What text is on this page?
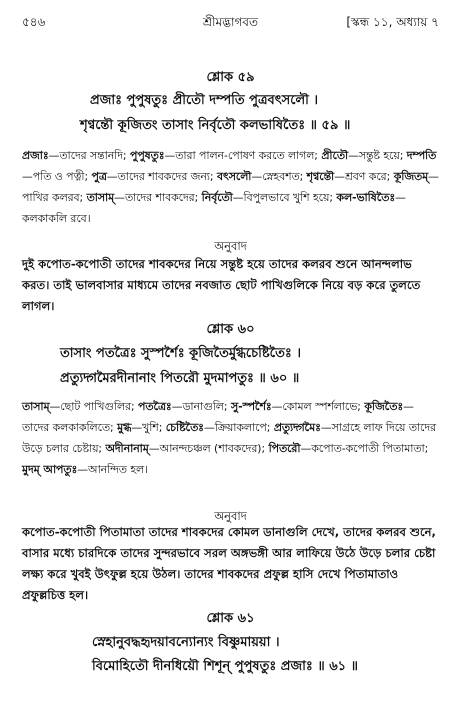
৫৪৬	শ্রীমদ্ভাগবত	[স্কন্ধ ১১, অধ্যায় ৭
শ্লোক ৫৯
প্রজাঃ পুপুষতুঃ প্রীতৌ দম্পতি পুত্রবৎসলৌ ।
শৃণ্বন্তৌ কূজিতং তাসাং নির্বৃতৌ কলভাষিতৈঃ ॥ ৫৯ ॥
প্রজাঃ—তাদের সন্তানদি; পুপুষতুঃ—তারা পালন-পোষণ করতে লাগল; প্রীতৌ—সন্তুষ্ট হয়ে; দম্পতি—পতি ও পত্নী; পুত্র—তাদের শাবকদের জন্য; বৎসলৌ—স্নেহবশত; শৃণ্বন্তৌ—শ্রবণ করে; কূজিতম্—পাখির কলরব; তাসাম্—তাদের শাবকদের; নির্বৃতৌ—বিপুলভাবে খুশি হয়ে; কল-ভাষিতৈঃ—কলকাকলি রবে।
অনুবাদ
দুই কপোত-কপোতী তাদের শাবকদের নিয়ে সন্তুষ্ট হয়ে তাদের কলরব শুনে আনন্দলাভ করত। তাই ভালবাসার মাধ্যমে তাদের নবজাত ছোট পাখিগুলিকে নিয়ে বড় করে তুলতে লাগল।
শ্লোক ৬০
তাসাং পতত্রৈঃ সুস্পর্শৈঃ কূজিতৈর্মুগ্ধচেষ্টিতৈঃ ।
প্রত্যুদ্গমৈরদীনানাং পিতরৌ মুদমাপতুঃ ॥ ৬০ ॥
তাসাম্—ছোট পাখিগুলির; পতত্রৈঃ—ডানাগুলি; সু-স্পর্শৈঃ—কোমল স্পর্শলাভে; কূজিতৈঃ—তাদের কলকাকলিতে; মুগ্ধ—খুশি; চেষ্টিতৈঃ—ক্রিয়াকলাপে; প্রত্যুদ্গমৈঃ—সাগ্রহে লাফ দিয়ে তাদের উড়ে চলার চেষ্টায়; অদীনানাম্—আনন্দচঞ্চল (শাবকদের); পিতরৌ—কপোত-কপোতী পিতামাতা; মুদম্ আপতুঃ—আনন্দিত হল।
অনুবাদ
কপোত-কপোতী পিতামাতা তাদের শাবকদের কোমল ডানাগুলি দেখে, তাদের কলরব শুনে, বাসার মধ্যে চারদিকে তাদের সুন্দরভাবে সরল অঙ্গভঙ্গী আর লাফিয়ে উঠে উড়ে চলার চেষ্টা লক্ষ্য করে খুবই উৎফুল্ল হয়ে উঠল। তাদের শাবকদের প্রফুল্ল হাসি দেখে পিতামাতাও প্রফুল্লচিত্ত হল।
শ্লোক ৬১
স্নেহানুবদ্ধহৃদয়াবন্যোন্যং বিষ্ণুমায়য়া ।
বিমোহিতৌ দীনধিয়ৌ শিশূন্ পুপুষতুঃ প্রজাঃ ॥ ৬১ ॥
